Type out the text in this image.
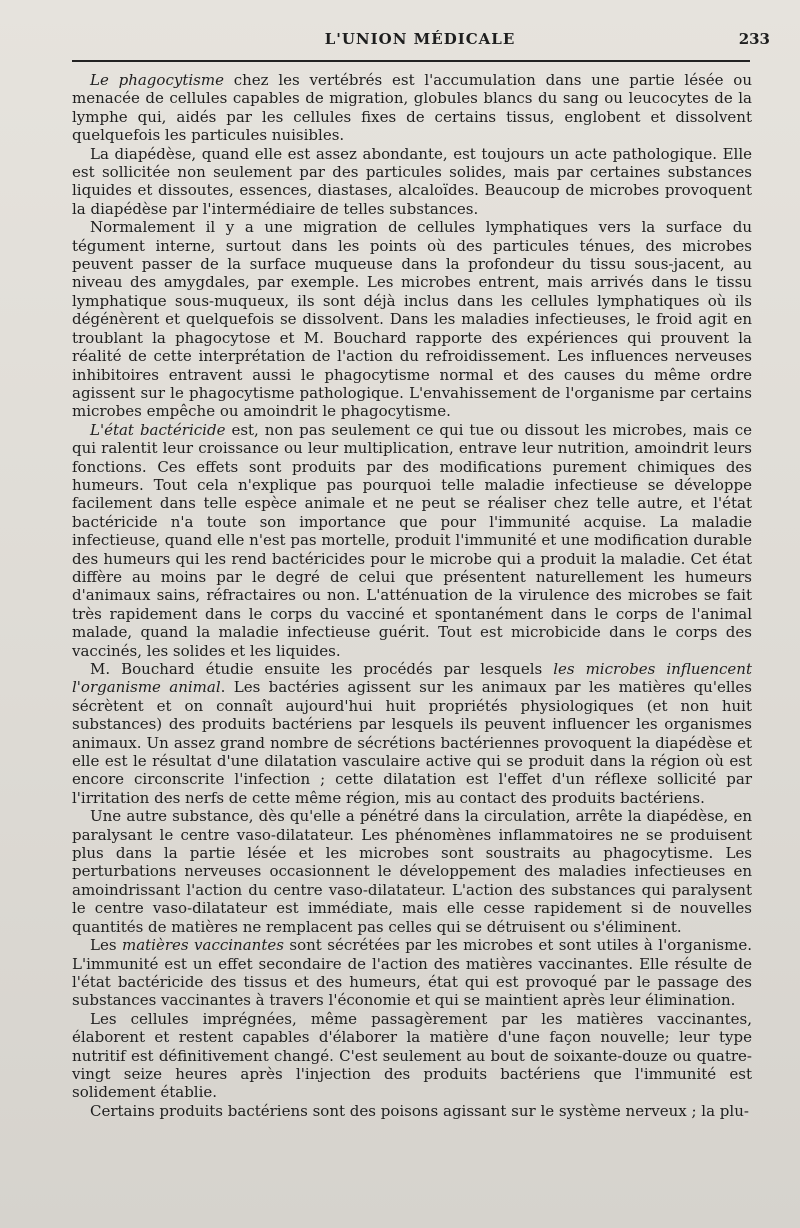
L'UNION MÉDICALE	233

Le phagocytisme chez les vertébrés est l'accumulation dans une partie lésée ou menacée de cellules capables de migration, globules blancs du sang ou leucocytes de la lymphe qui, aidés par les cellules fixes de certains tissus, englobent et dissolvent quelquefois les particules nuisibles.

La diapédèse, quand elle est assez abondante, est toujours un acte pathologique. Elle est sollicitée non seulement par des particules solides, mais par certaines substances liquides et dissoutes, essences, diastases, alcaloïdes. Beaucoup de microbes provoquent la diapédèse par l'intermédiaire de telles substances.

Normalement il y a une migration de cellules lymphatiques vers la surface du tégument interne, surtout dans les points où des particules ténues, des microbes peuvent passer de la surface muqueuse dans la profondeur du tissu sous-jacent, au niveau des amygdales, par exemple. Les microbes entrent, mais arrivés dans le tissu lymphatique sous-muqueux, ils sont déjà inclus dans les cellules lymphatiques où ils dégénèrent et quelquefois se dissolvent. Dans les maladies infectieuses, le froid agit en troublant la phagocytose et M. Bouchard rapporte des expériences qui prouvent la réalité de cette interprétation de l'action du refroidissement. Les influences nerveuses inhibitoires entravent aussi le phagocytisme normal et des causes du même ordre agissent sur le phagocytisme pathologique. L'envahissement de l'organisme par certains microbes empêche ou amoindrit le phagocytisme.

L'état bactéricide est, non pas seulement ce qui tue ou dissout les microbes, mais ce qui ralentit leur croissance ou leur multiplication, entrave leur nutrition, amoindrit leurs fonctions. Ces effets sont produits par des modifications purement chimiques des humeurs. Tout cela n'explique pas pourquoi telle maladie infectieuse se développe facilement dans telle espèce animale et ne peut se réaliser chez telle autre, et l'état bactéricide n'a toute son importance que pour l'immunité acquise. La maladie infectieuse, quand elle n'est pas mortelle, produit l'immunité et une modification durable des humeurs qui les rend bactéricides pour le microbe qui a produit la maladie. Cet état diffère au moins par le degré de celui que présentent naturellement les humeurs d'animaux sains, réfractaires ou non. L'atténuation de la virulence des microbes se fait très rapidement dans le corps du vacciné et spontanément dans le corps de l'animal malade, quand la maladie infectieuse guérit. Tout est microbicide dans le corps des vaccinés, les solides et les liquides.

M. Bouchard étudie ensuite les procédés par lesquels les microbes influencent l'organisme animal. Les bactéries agissent sur les animaux par les matières qu'elles sécrètent et on connaît aujourd'hui huit propriétés physiologiques (et non huit substances) des produits bactériens par lesquels ils peuvent influencer les organismes animaux. Un assez grand nombre de sécrétions bactériennes provoquent la diapédèse et elle est le résultat d'une dilatation vasculaire active qui se produit dans la région où est encore circonscrite l'infection ; cette dilatation est l'effet d'un réflexe sollicité par l'irritation des nerfs de cette même région, mis au contact des produits bactériens.

Une autre substance, dès qu'elle a pénétré dans la circulation, arrête la diapédèse, en paralysant le centre vaso-dilatateur. Les phénomènes inflammatoires ne se produisent plus dans la partie lésée et les microbes sont soustraits au phagocytisme. Les perturbations nerveuses occasionnent le développement des maladies infectieuses en amoindrissant l'action du centre vaso-dilatateur. L'action des substances qui paralysent le centre vaso-dilatateur est immédiate, mais elle cesse rapidement si de nouvelles quantités de matières ne remplacent pas celles qui se détruisent ou s'éliminent.

Les matières vaccinantes sont sécrétées par les microbes et sont utiles à l'organisme. L'immunité est un effet secondaire de l'action des matières vaccinantes. Elle résulte de l'état bactéricide des tissus et des humeurs, état qui est provoqué par le passage des substances vaccinantes à travers l'économie et qui se maintient après leur élimination.

Les cellules imprégnées, même passagèrement par les matières vaccinantes, élaborent et restent capables d'élaborer la matière d'une façon nouvelle; leur type nutritif est définitivement changé. C'est seulement au bout de soixante-douze ou quatre-vingt seize heures après l'injection des produits bactériens que l'immunité est solidement établie.

Certains produits bactériens sont des poisons agissant sur le système nerveux ; la plu-
